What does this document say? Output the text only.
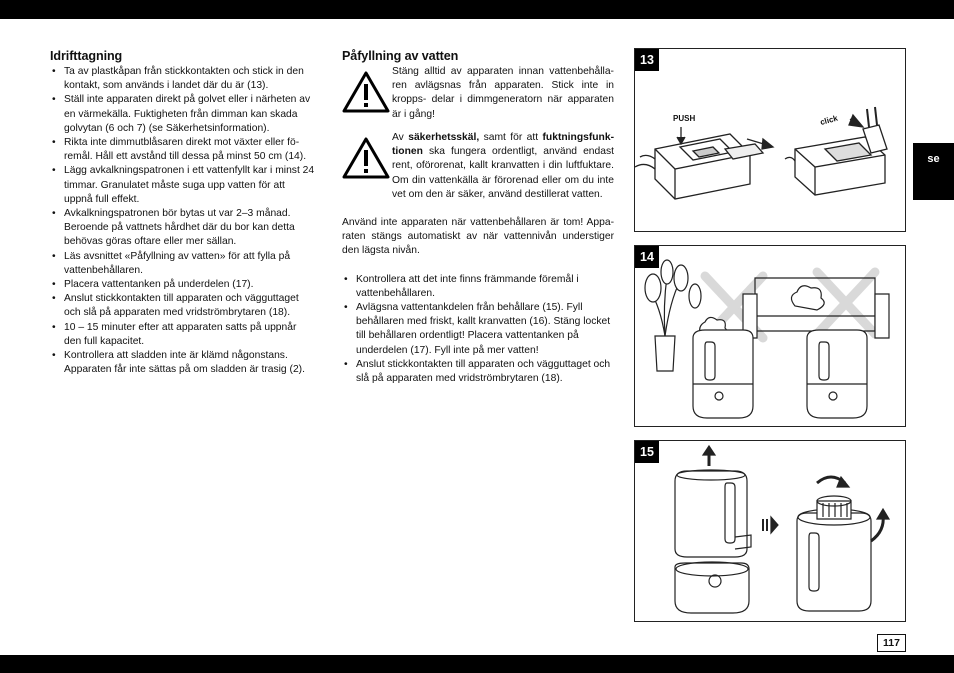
Idrifttagning
• Ta av plastkåpan från stickkontakten och stick in den kontakt, som används i landet där du är (13).
• Ställ inte apparaten direkt på golvet eller i närheten av en värmekälla. Fuktigheten från dimman kan skada golvytan (6 och 7) (se Säkerhetsinformation).
• Rikta inte dimmutblåsaren direkt mot växter eller fö- remål. Håll ett avstånd till dessa på minst 50 cm (14).
• Lägg avkalkningspatronen i ett vattenfyllt kar i minst 24 timmar. Granulatet måste suga upp vatten för att uppnå full effekt.
• Avkalkningspatronen bör bytas ut var 2–3 månad. Beroende på vattnets hårdhet där du bor kan detta behövas göras oftare eller mer sällan.
• Läs avsnittet «Påfyllning av vatten» för att fylla på vattenbehållaren.
• Placera vattentanken på underdelen (17).
• Anslut stickkontakten till apparaten och vägguttaget och slå på apparaten med vridströmbrytaren (18).
• 10 – 15 minuter efter att apparaten satts på uppnår den full kapacitet.
• Kontrollera att sladden inte är klämd någonstans. Apparaten får inte sättas på om sladden är trasig (2).
Påfyllning av vatten
Stäng alltid av apparaten innan vattenbehålla- ren avlägsnas från apparaten. Stick inte in kropps- delar i dimmgeneratorn när apparaten är i gång!
Av säkerhetsskäl, samt för att fuktningsfunk- tionen ska fungera ordentligt, använd endast rent, oförorenat, kallt kranvatten i din luftfuktare. Om din vattenkälla är förorenad eller om du inte vet om den är säker, använd destillerat vatten.
Använd inte apparaten när vattenbehållaren är tom! Appa- raten stängs automatiskt av när vattennivån understiger den lägsta nivån.
• Kontrollera att det inte finns främmande föremål i vattenbehållaren.
• Avlägsna vattentankdelen från behållare (15). Fyll behållaren med friskt, kallt kranvatten (16). Stäng locket till behållaren ordentligt! Placera vattentanken på underdelen (17). Fyll inte på mer vatten!
• Anslut stickkontakten till apparaten och vägguttaget och slå på apparaten med vridströmbrytaren (18).
PUSH	click
13
14
15
se
117
